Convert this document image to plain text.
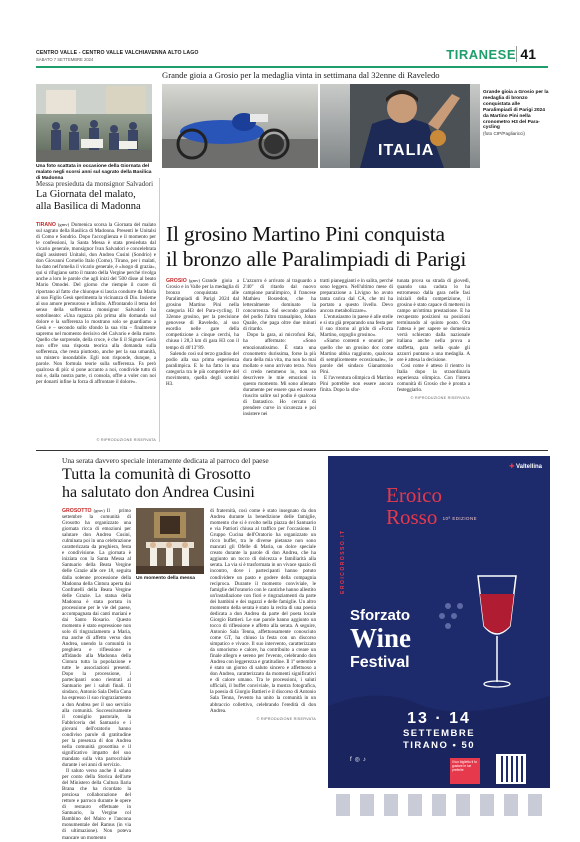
CENTRO VALLE - CENTRO VALLE VALCHIAVENNA ALTO LAGO
SABATO 7 SETTEMBRE 2024	TIRANESE 41
Grande gioia a Grosio per la medaglia vinta in settimana dal 32enne di Raveledo
Una foto scattata in occasione della Giornata del malato negli scorsi anni sul sagrato della Basilica di Madonna
ITALIA
Grande gioia a Grosio per la medaglia di bronzo conquistata alle Paralimpiadi di Parigi 2024 da Martino Pini nella cronometro H3 del Para-cycling
(foto CIP/Pagliaricci)
Messa presieduta da monsignor Salvadori
La Giornata del malato,
alla Basilica di Madonna
TIRANO (gmv) Domenica scorsa la Giornata del malato sul sagrato della Basilica di Madonna. Presenti le Unitalsi di Como e Sondrio. Dopo l'accoglienza e il momento per le confessioni, la Santa Messa è stata presieduta dal vicario generale, monsignor Ivan Salvadori e concelebrata dagli assistenti Unitalsi, don Andrea Cusini (Sondrio) e don Giovanni Cornelio Italo (Como). Tirano, per i malati, ha dato nell'omelia il vicario generale, è «luogo di grazia», qui si rifugiano sotto il manto della Vergine perché rivolga anche a loro le parole che agli inizi del '500 disse al beato Mario Omodei. Del giorno che riempie il cuore di riportano al fatto che chiunque si lascia condurre da Maria al suo Figlio Gesù sperimenta la vicinanza di Dio. Insieme al suo amore premuroso e infinito. Affrontando il tema del senso della sofferenza monsignor Salvadori ha sottolineato: «Una ragazza più prima allo domanda sul dolore e la sofferenza lo mostrano solo se guardiamo a Gesù e – secondo sullo sfondo la sua vita – finalmente sapremo nel momento decisivo del Calvario e della morte. Quello che sorprende, della croce, è che lì il Signore Gesù non offre una risposta teorica alla domanda sulla sofferenza, che resta piuttosto, anche per la sua umanità, un mistero insondabile. Egli non risponde, dunque, a parole. Non formula teorie sulla sofferenza. Fa però qualcosa di più: si pone accanto a noi, condivide tutto di noi e, dalla nostra parte, ci consola, offre a voler con noi per donarti infine la forza di affrontare il dolore».
© RIPRODUZIONE RISERVATA
Il grosino Martino Pini conquista
il bronzo alle Paralimpiadi di Parigi
GROSIO (gmv) Grande gioia a Grosio e in Valle per la medaglia di bronzo conquistata alle Paralimpiadi di Parigi 2024 dal grosino Martino Pini nella categoria H3 del Para-cycling. Il 32enne grosino, per la precisione genovese di Raveledo, al suo esordio nelle gare della competizione a cinque cerchi, ha chiuso i 28,3 km di gara H3 con il tempo di 46'13"89.

Salendo così sul terzo gradino del podio alla sua prima esperienza paralimpica. E lo ha fatto in una categoria tra le più competitive del movimento, quella degli uomini H3.

L'azzurro è arrivato al traguardo a 2'40" di ritardo dal nuovo campione paralimpico, il francese Mathieu Bosredon, che ha letteralmente dominato la concorrenza. Sul secondo gradino del podio l'altro transalpino, Johan Quaile, che paga oltre due minuti di ritardo.

Dopo la gara, ai microfoni Rai, ha affermato: «Sono emozionatissimo. È stata una cronometro durissima, forse la più dura della mia vita, ma non ho mai mollato e sono arrivato terzo. Non ci credo nemmeno io, non so descrivere le mie emozioni in questo momento. Mi sono allenato duramente per essere qua ed essere riuscito salire sul podio è qualcosa di fantastico. Ho cercato di prendere curve in sicurezza e poi insistere nei

tratti pianeggianti e in salita, perché sono leggero. Nell'ultimo mese di preparazione a Livigno ho avuto tanta carica dal CA, che mi ha portato a questo livello. Devo ancora metabolizzare».

L'entusiasmo in paese è alle stelle e si sta già preparando una festa per il suo ritorno al grido di «Forza Martino, orgoglio grosino».

«Siamo contenti e onorati per quello che un grosino doc come Martino abbia raggiunto, qualcosa di semplicemente eccezionale», le parole del sindaco Gianantonio Pini.

E l'avventura olimpica di Martino Pini potrebbe non essere ancora finita. Dopo la sfor-

tunata prova su strada di giovedì, quando una caduta lo ha estromesso dalla gara nelle fasi iniziali della competizione, il grosino è stato capace di mettersi in campo un'ottima prestazione. E ha recuperato posizioni su posizioni terminando al quinto posto. Ora l'attesa è per sapere se domenica verrà schierato dalla nazionale italiana anche nella prova a staffetta, gara nella quale gli azzurri puntano a una medaglia. A ore è attesa la decisione.

Così come è atteso il rientro in Italia dopo la straordinaria esperienza olimpica. Con l'intera comunità di Grosio che è pronta a festeggiarlo.

© RIPRODUZIONE RISERVATA
Una serata davvero speciale interamente dedicata al parroco del paese
Tutta la comunità di Grosotto
ha salutato don Andrea Cusini
GROSOTTO (gmv) Il primo settembre la comunità di Grosotto ha organizzato una giornata ricca di emozioni per salutare don Andrea Cusini, culminata poi in una celebrazione caratterizzata da preghiera, festa e condivisione. La giornata è iniziata con la Santa Messa al Santuario della Beata Vergine delle Grazie alle ore 18, seguita dalla solenne processione della Madonna della Cintura aperta dai Confratelli della Beata Vergine delle Grazie. La statua della Madonna è stata portata in processione per le vie del paese, accompagnata dai canti mariani e dai Santo Rosario. Questo momento è stato espressione non solo di ringraziamento a Maria, ma anche di affetto verso don Andrea, unendo la comunità in preghiera e riflessione e affidando alla Madonna della Cintura tutta la popolazione e tutte le associazioni presenti. Dopo la processione, i partecipanti sono rientrati al Santuario per i saluti finali. Il sindaco, Antonio Sala Della Cuna ha espresso il suo ringraziamento a don Andrea per il suo servizio alla comunità. Successivamente il consiglio pastorale, la Fabbriceria del Santuario e i giovani dell'oratorio hanno condiviso parole di gratitudine per la presenza di don Andrea nella comunità grosottina e il significativo impatto del suo mandato sulla vita parrocchiale durante i sei anni di servizio.

Il saluto verso anche il saluto per conto della Storica dell'arte del Ministero della Cultura Ilaria Brana che ha ricordato la preziosa collaborazione del rettore e parroco durante le opere di restauro effettuate in Santuario, la Vergine col Bambino del Mairo e l'ancona monumentale del Ramus (in via di ultimazione). Non poteva mancare un momento

Un momento della messa

di fraternità, così come è stato insegnato da don Andrea durante la benedizione delle famiglie, momento che si è svolto nella piazza del Santuario e via Patrioti chiusa al traffico per l'occasione. Il Gruppo Cucina dell'Oratorio ha organizzato un ricco buffet, tra le diverse pietanze non sono mancati gli Ofelle di Maria, un dolce speciale creato durante la parole di don Andrea, che ha aggiunto un tocco di dolcezza e familiarità alla serata. La via si è trasformata in un vivace spazio di incontro, dove i partecipanti hanno potuto condividere un pasto e godere della compagnia reciproca. Durante il momento conviviale, le famiglie dell'oratorio con le cantiche hanno allestito un'installazione con fiori e ringraziamenti da parte dei bambini e dei ragazzi e delle famiglie. Un altro momento della serata è stato la recita di una poesia dedicata a don Andrea da parte del poeta locale Giorgio Battieri. Le sue parole hanno aggiunto un tocco di riflessione e affetto alla serata. A seguire, Antonio Sala Tenna, affettuosamente conosciuto come GT, ha chiuso la festa con un discorso simpatico e vivace. Il suo intervento, caratterizzato da umorismo e calore, ha contribuito a creare un finale allegro e sereno per l'evento, celebrando don Andrea con leggerezza e gratitudine. Il 1º settembre è stato un giorno di saluto sincero e affettuoso a don Andrea, caratterizzato da momenti significativi e di calore umano. Tra le processioni, i saluti ufficiali, il buffet conviviale, la mostra fotografica, la poesia di Giorgio Battieri e il discorso di Antonio Sala Tenna, l'evento ha unito la comunità in un abbraccio collettivo, celebrando l'eredità di don Andrea.

© RIPRODUZIONE RISERVATA
✚ Valtellina
EROICOROSSO.IT
Eroico
Rosso 10ª EDIZIONE
Sforzato
Wine
Festival
13 · 14
SETTEMBRE
TIRANO • 50
Il tuo biglietto ti fa gustare le tue preferite
f◎♪
